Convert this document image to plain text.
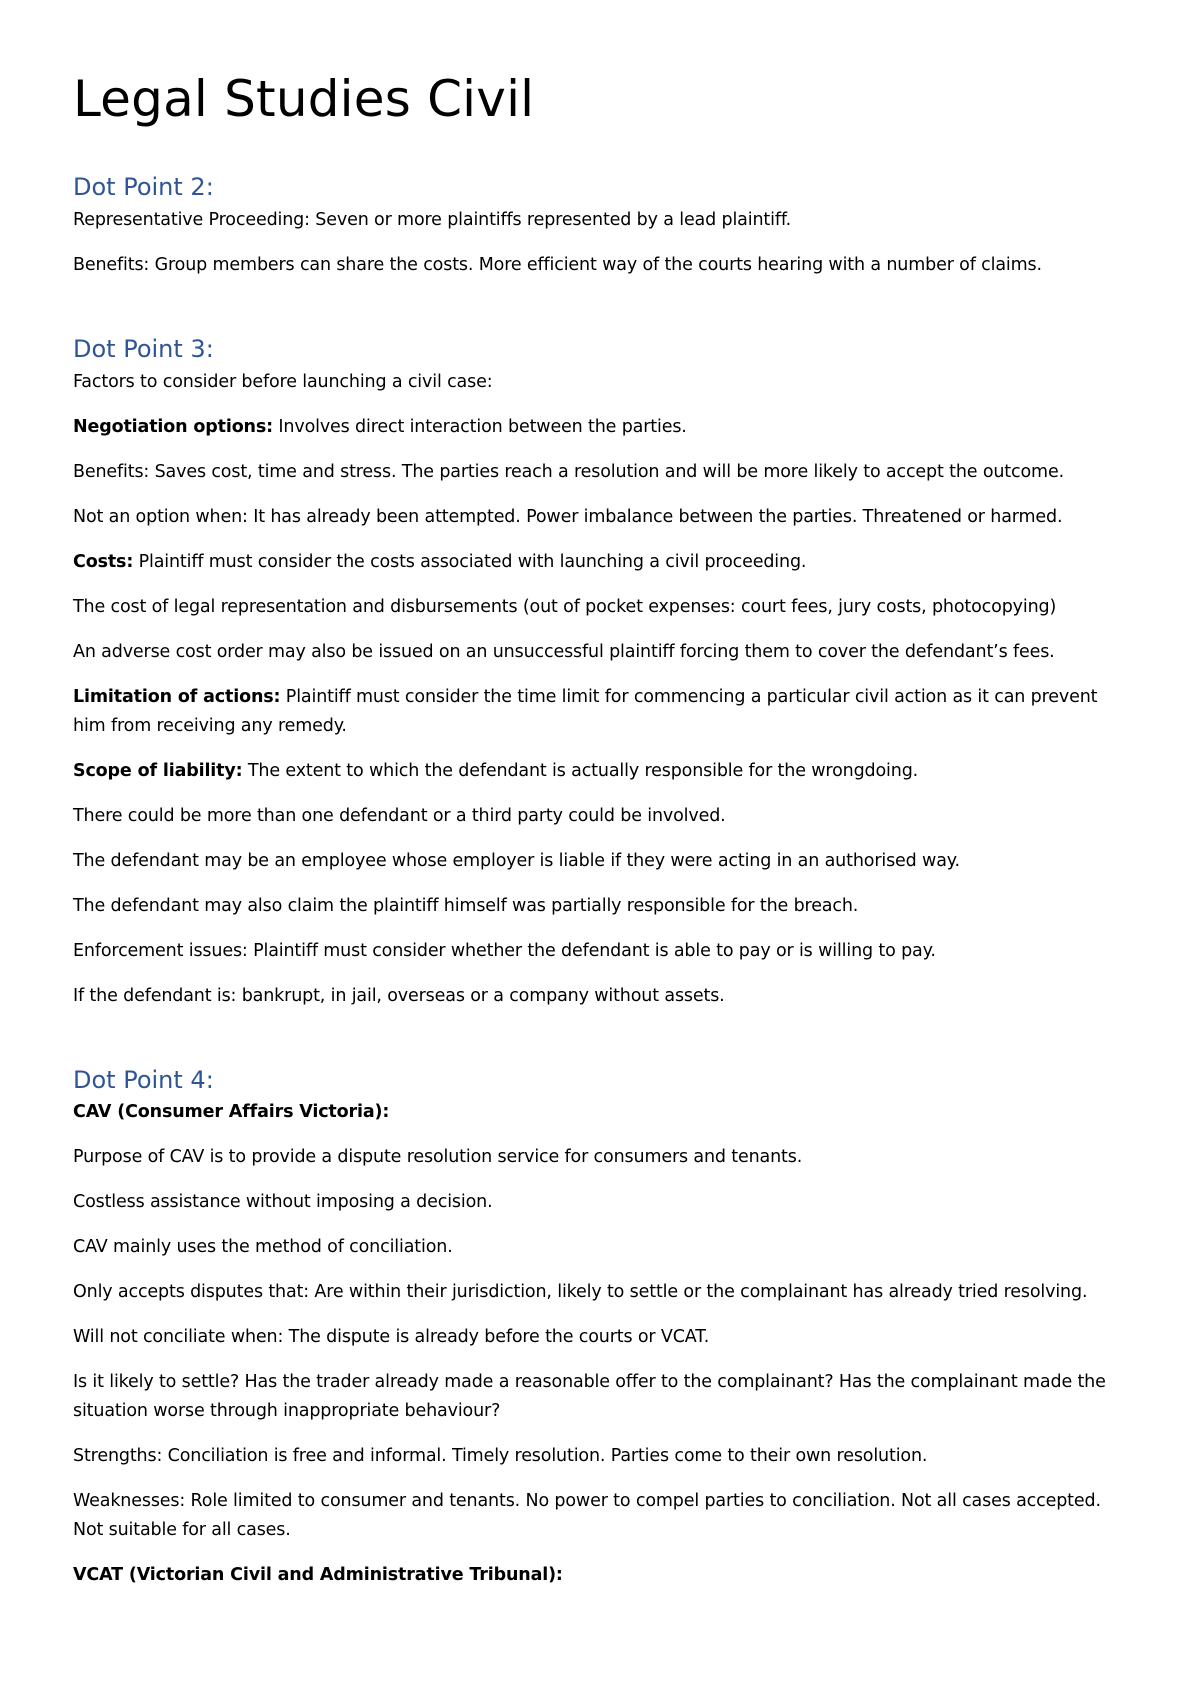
Legal Studies Civil
Dot Point 2:

Representative Proceeding: Seven or more plaintiffs represented by a lead plaintiff.

Benefits: Group members can share the costs. More efficient way of the courts hearing with a number of claims.

Dot Point 3:

Factors to consider before launching a civil case:

Negotiation options: Involves direct interaction between the parties.

Benefits: Saves cost, time and stress. The parties reach a resolution and will be more likely to accept the outcome.

Not an option when: It has already been attempted. Power imbalance between the parties. Threatened or harmed.

Costs: Plaintiff must consider the costs associated with launching a civil proceeding.

The cost of legal representation and disbursements (out of pocket expenses: court fees, jury costs, photocopying)

An adverse cost order may also be issued on an unsuccessful plaintiff forcing them to cover the defendant’s fees.

Limitation of actions: Plaintiff must consider the time limit for commencing a particular civil action as it can prevent him from receiving any remedy.

Scope of liability: The extent to which the defendant is actually responsible for the wrongdoing.

There could be more than one defendant or a third party could be involved.

The defendant may be an employee whose employer is liable if they were acting in an authorised way.

The defendant may also claim the plaintiff himself was partially responsible for the breach.

Enforcement issues: Plaintiff must consider whether the defendant is able to pay or is willing to pay.

If the defendant is: bankrupt, in jail, overseas or a company without assets.

Dot Point 4:

CAV (Consumer Affairs Victoria):

Purpose of CAV is to provide a dispute resolution service for consumers and tenants.

Costless assistance without imposing a decision.

CAV mainly uses the method of conciliation.

Only accepts disputes that: Are within their jurisdiction, likely to settle or the complainant has already tried resolving.

Will not conciliate when: The dispute is already before the courts or VCAT.

Is it likely to settle? Has the trader already made a reasonable offer to the complainant? Has the complainant made the situation worse through inappropriate behaviour?

Strengths: Conciliation is free and informal. Timely resolution. Parties come to their own resolution.

Weaknesses: Role limited to consumer and tenants. No power to compel parties to conciliation. Not all cases accepted. Not suitable for all cases.

VCAT (Victorian Civil and Administrative Tribunal):
